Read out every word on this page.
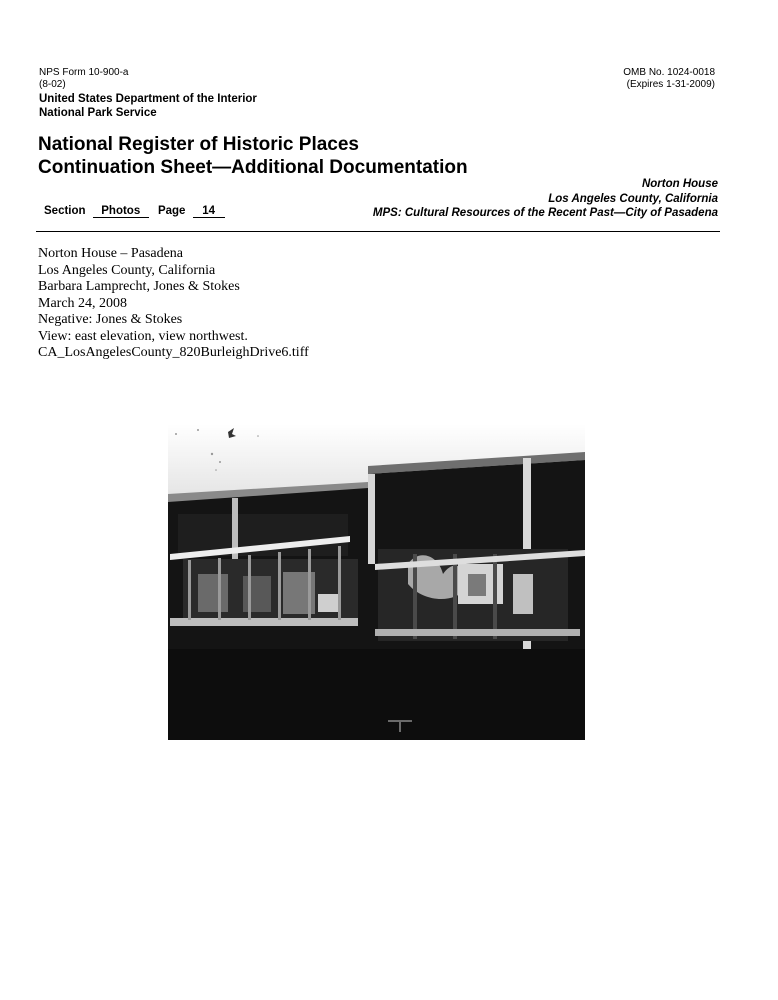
NPS Form 10-900-a
(8-02)
OMB No. 1024-0018
(Expires 1-31-2009)
United States Department of the Interior
National Park Service
National Register of Historic Places
Continuation Sheet—Additional Documentation
Norton House
Los Angeles County, California
MPS: Cultural Resources of the Recent Past—City of Pasadena
Section Photos Page 14
Norton House – Pasadena
Los Angeles County, California
Barbara Lamprecht, Jones & Stokes
March 24, 2008
Negative: Jones & Stokes
View: east elevation, view northwest.
CA_LosAngelesCounty_820BurleighDrive6.tiff
